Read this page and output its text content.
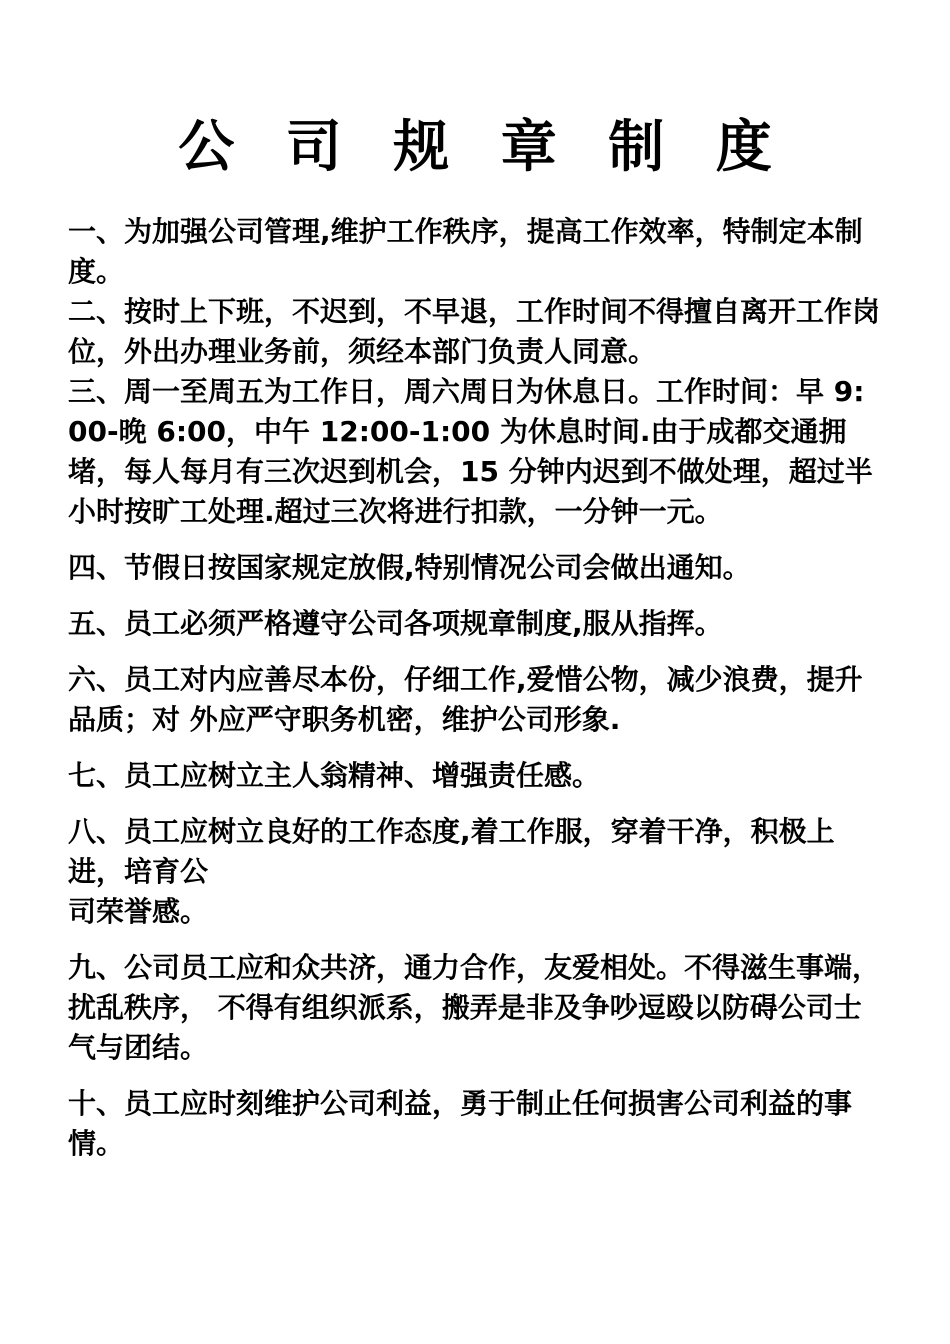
公 司 规 章 制 度

一、为加强公司管理,维护工作秩序，提高工作效率，特制定本制度。

二、按时上下班，不迟到，不早退，工作时间不得擅自离开工作岗位，外出办理业务前，须经本部门负责人同意。

三、周一至周五为工作日，周六周日为休息日。工作时间：早 9:00-晚 6:00，中午 12:00-1:00 为休息时间.由于成都交通拥堵，每人每月有三次迟到机会，15 分钟内迟到不做处理，超过半小时按旷工处理.超过三次将进行扣款，一分钟一元。

四、节假日按国家规定放假,特别情况公司会做出通知。

五、员工必须严格遵守公司各项规章制度,服从指挥。

六、员工对内应善尽本份，仔细工作,爱惜公物，减少浪费，提升品质；对 外应严守职务机密，维护公司形象.

七、员工应树立主人翁精神、增强责任感。

八、员工应树立良好的工作态度,着工作服，穿着干净，积极上进，培育公
司荣誉感。

九、公司员工应和众共济，通力合作，友爱相处。不得滋生事端，扰乱秩序， 不得有组织派系，搬弄是非及争吵逗殴以防碍公司士气与团结。

十、员工应时刻维护公司利益，勇于制止任何损害公司利益的事情。
